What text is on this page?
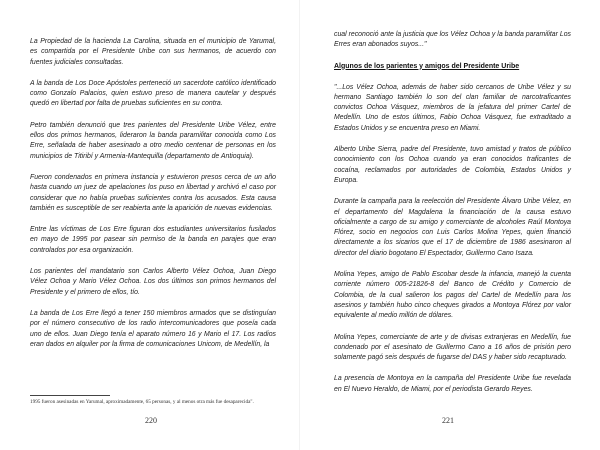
La Propiedad de la hacienda La Carolina, situada en el municipio de Yarumal, es compartida por el Presidente Uribe con sus hermanos, de acuerdo con fuentes judiciales consultadas.

A la banda de Los Doce Apóstoles perteneció un sacerdote católico identificado como Gonzalo Palacios, quien estuvo preso de manera cautelar y después quedó en libertad por falta de pruebas suficientes en su contra.

Petro también denunció que tres parientes del Presidente Uribe Vélez, entre ellos dos primos hermanos, lideraron la banda paramilitar conocida como Los Erre, señalada de haber asesinado a otro medio centenar de personas en los municipios de Titiribí y Armenia-Mantequilla (departamento de Antioquia).

Fueron condenados en primera instancia y estuvieron presos cerca de un año hasta cuando un juez de apelaciones los puso en libertad y archivó el caso por considerar que no había pruebas suficientes contra los acusados. Esta causa también es susceptible de ser reabierta ante la aparición de nuevas evidencias.

Entre las víctimas de Los Erre figuran dos estudiantes universitarios fusilados en mayo de 1995 por pasear sin permiso de la banda en parajes que eran controlados por esa organización.

Los parientes del mandatario son Carlos Alberto Vélez Ochoa, Juan Diego Vélez Ochoa y Mario Vélez Ochoa. Los dos últimos son primos hermanos del Presidente y el primero de ellos, tío.

La banda de Los Erre llegó a tener 150 miembros armados que se distinguían por el número consecutivo de los radio intercomunicadores que poseía cada uno de ellos. Juan Diego tenía el aparato número 16 y Mario el 17. Los radios eran dados en alquiler por la firma de comunicaciones Unicom, de Medellín, la

1995 fueron asesinadas en Yarumal, aproximadamente, 65 personas, y al menos otra más fue desaparecida".
220

cual reconoció ante la justicia que los Vélez Ochoa y la banda paramilitar Los Erres eran abonados suyos..."

Algunos de los parientes y amigos del Presidente Uribe

"...Los Vélez Ochoa, además de haber sido cercanos de Uribe Vélez y su hermano Santiago también lo son del clan familiar de narcotraficantes convictos Ochoa Vásquez, miembros de la jefatura del primer Cartel de Medellín. Uno de estos últimos, Fabio Ochoa Vásquez, fue extraditado a Estados Unidos y se encuentra preso en Miami.

Alberto Uribe Sierra, padre del Presidente, tuvo amistad y tratos de público conocimiento con los Ochoa cuando ya eran conocidos traficantes de cocaína, reclamados por autoridades de Colombia, Estados Unidos y Europa.

Durante la campaña para la reelección del Presidente Álvaro Uribe Vélez, en el departamento del Magdalena la financiación de la causa estuvo oficialmente a cargo de su amigo y comerciante de alcoholes Raúl Montoya Flórez, socio en negocios con Luis Carlos Molina Yepes, quien financió directamente a los sicarios que el 17 de diciembre de 1986 asesinaron al director del diario bogotano El Espectador, Guillermo Cano Isaza.

Molina Yepes, amigo de Pablo Escobar desde la infancia, manejó la cuenta corriente número 005-21826-8 del Banco de Crédito y Comercio de Colombia, de la cual salieron los pagos del Cartel de Medellín para los asesinos y también hubo cinco cheques girados a Montoya Flórez por valor equivalente al medio millón de dólares.

Molina Yepes, comerciante de arte y de divisas extranjeras en Medellín, fue condenado por el asesinato de Guillermo Cano a 16 años de prisión pero solamente pagó seis después de fugarse del DAS y haber sido recapturado.

La presencia de Montoya en la campaña del Presidente Uribe fue revelada en El Nuevo Heraldo, de Miami, por el periodista Gerardo Reyes.

221
